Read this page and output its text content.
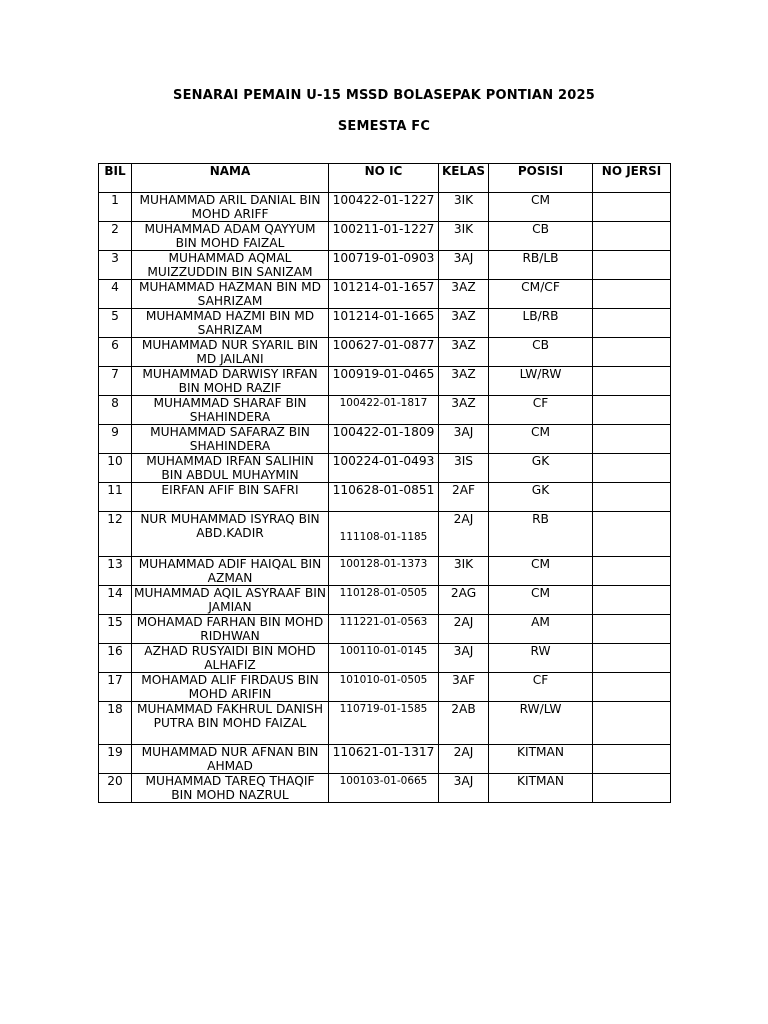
SENARAI PEMAIN U-15 MSSD BOLASEPAK PONTIAN 2025
SEMESTA FC
BIL	NAMA	NO IC	KELAS	POSISI	NO JERSI
1	MUHAMMAD ARIL DANIAL BIN MOHD ARIFF	100422-01-1227	3IK	CM	
2	MUHAMMAD ADAM QAYYUM BIN MOHD FAIZAL	100211-01-1227	3IK	CB	
3	MUHAMMAD AQMAL MUIZZUDDIN BIN SANIZAM	100719-01-0903	3AJ	RB/LB	
4	MUHAMMAD HAZMAN BIN MD SAHRIZAM	101214-01-1657	3AZ	CM/CF	
5	MUHAMMAD HAZMI BIN MD SAHRIZAM	101214-01-1665	3AZ	LB/RB	
6	MUHAMMAD NUR SYARIL BIN MD JAILANI	100627-01-0877	3AZ	CB	
7	MUHAMMAD DARWISY IRFAN BIN MOHD RAZIF	100919-01-0465	3AZ	LW/RW	
8	MUHAMMAD SHARAF BIN SHAHINDERA	100422-01-1817	3AZ	CF	
9	MUHAMMAD SAFARAZ BIN SHAHINDERA	100422-01-1809	3AJ	CM	
10	MUHAMMAD IRFAN SALIHIN BIN ABDUL MUHAYMIN	100224-01-0493	3IS	GK	
11	EIRFAN AFIF BIN SAFRI	110628-01-0851	2AF	GK	
12	NUR MUHAMMAD ISYRAQ BIN ABD.KADIR	111108-01-1185	2AJ	RB	
13	MUHAMMAD ADIF HAIQAL BIN AZMAN	100128-01-1373	3IK	CM	
14	MUHAMMAD AQIL ASYRAAF BIN JAMIAN	110128-01-0505	2AG	CM	
15	MOHAMAD FARHAN BIN MOHD RIDHWAN	111221-01-0563	2AJ	AM	
16	AZHAD RUSYAIDI BIN MOHD ALHAFIZ	100110-01-0145	3AJ	RW	
17	MOHAMAD ALIF FIRDAUS BIN MOHD ARIFIN	101010-01-0505	3AF	CF	
18	MUHAMMAD FAKHRUL DANISH PUTRA BIN MOHD FAIZAL	110719-01-1585	2AB	RW/LW	
19	MUHAMMAD NUR AFNAN BIN AHMAD	110621-01-1317	2AJ	KITMAN	
20	MUHAMMAD TAREQ THAQIF BIN MOHD NAZRUL	100103-01-0665	3AJ	KITMAN	
